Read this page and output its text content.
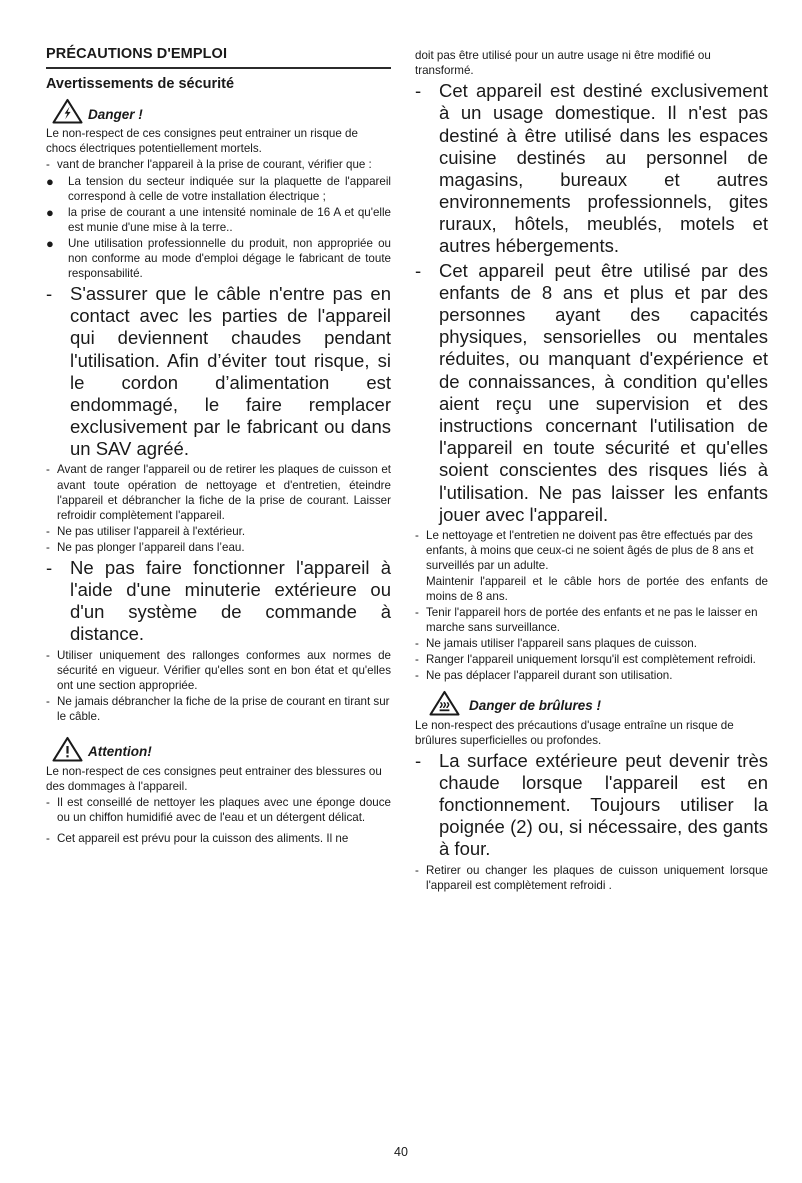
PRÉCAUTIONS D'EMPLOI
Avertissements de sécurité
Danger !

Le non-respect de ces consignes peut entrainer un risque de chocs électriques potentiellement mortels.

- vant de brancher l'appareil à la prise de courant, vérifier que :
●	La tension du secteur indiquée sur la plaquette de l'appareil correspond à celle de votre installation électrique ;
●	la prise de courant a une intensité nominale de 16 A et qu'elle est munie d'une mise à la terre..
●	Une utilisation professionnelle du produit, non appropriée ou non conforme au mode d'emploi dégage le fabricant de toute responsabilité.
- S'assurer que le câble n'entre pas en contact avec les parties de l'appareil qui deviennent chaudes pendant l'utilisation. Afin d’éviter tout risque, si le cordon d’alimentation est endommagé, le faire remplacer exclusivement par le fabricant ou dans un SAV agréé.
- Avant de ranger l'appareil ou de retirer les plaques de cuisson et avant toute opération de nettoyage et d'entretien, éteindre l'appareil et débrancher la fiche de la prise de courant. Laisser refroidir complètement l'appareil.
- Ne pas utiliser l'appareil à l'extérieur.
- Ne pas plonger l’appareil dans l’eau.
- Ne pas faire fonctionner l'appareil à l'aide d'une minuterie extérieure ou d'un système de commande à distance.
- Utiliser uniquement des rallonges conformes aux normes de sécurité en vigueur. Vérifier qu'elles sont en bon état et qu'elles ont une section appropriée.
- Ne jamais débrancher la fiche de la prise de courant en tirant sur le câble.
Attention!

Le non-respect de ces consignes peut entrainer des blessures ou des dommages à l'appareil.

- Il est conseillé de nettoyer les plaques avec une éponge douce ou un chiffon humidifié avec de l'eau et un détergent délicat.
- Cet appareil est prévu pour la cuisson des aliments. Il ne

doit pas être utilisé pour un autre usage ni être modifié ou transformé.

- Cet appareil est destiné exclusivement à un usage domestique. Il n'est pas destiné à être utilisé dans les espaces cuisine destinés au personnel de magasins, bureaux et autres environnements professionnels, gites ruraux, hôtels, meublés, motels et autres hébergements.
- Cet appareil peut être utilisé par des enfants de 8 ans et plus et par des personnes ayant des capacités physiques, sensorielles ou mentales réduites, ou manquant d'expérience et de connaissances, à condition qu'elles aient reçu une supervision et des instructions concernant l'utilisation de l'appareil en toute sécurité et qu'elles soient conscientes des risques liés à l'utilisation. Ne pas laisser les enfants jouer avec l'appareil.
- Le nettoyage et l'entretien ne doivent pas être effectués par des enfants, à moins que ceux-ci ne soient âgés de plus de 8 ans et surveillés par un adulte.
Maintenir l'appareil et le câble hors de portée des enfants de moins de 8 ans.
- Tenir l'appareil hors de portée des enfants et ne pas le laisser en marche sans surveillance.
- Ne jamais utiliser l'appareil sans plaques de cuisson.
- Ranger l'appareil uniquement lorsqu'il est complètement refroidi.
- Ne pas déplacer l'appareil durant son utilisation.
Danger de brûlures !

Le non-respect des précautions d'usage entraîne un risque de brûlures superficielles ou profondes.

- La surface extérieure peut devenir très chaude lorsque l'appareil est en fonctionnement. Toujours utiliser la poignée (2) ou, si nécessaire, des gants à four.
- Retirer ou changer les plaques de cuisson uniquement lorsque l'appareil est complètement refroidi .
40
